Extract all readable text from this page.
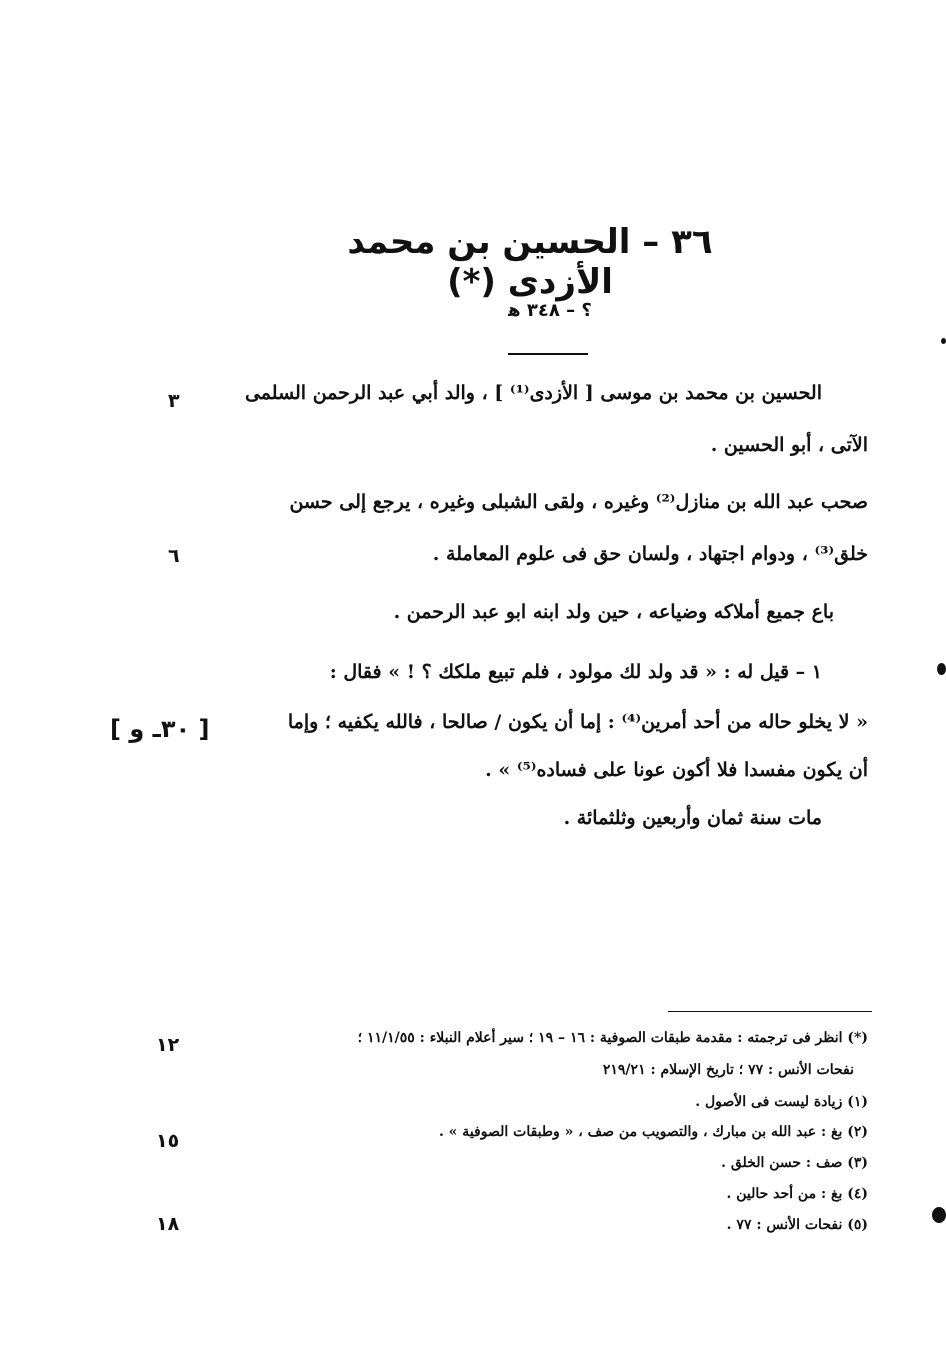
٣٦ – الحسين بن محمد الأزدى (*)
؟ – ٣٤٨ ﻫ
الحسين بن محمد بن موسى [ الأزدى⁽¹⁾ ] ، والد أبي عبد الرحمن السلمى
الآتى ، أبو الحسين .
صحب عبد الله بن منازل⁽²⁾ وغيره ، ولقى الشبلى وغيره ، يرجع إلى حسن
خلق⁽³⁾ ، ودوام اجتهاد ، ولسان حق فى علوم المعاملة .
باع جميع أملاكه وضياعه ، حين ولد ابنه ابو عبد الرحمن .
١ – قيل له : « قد ولد لك مولود ، فلم تبيع ملكك ؟ ! » فقال :
« لا يخلو حاله من أحد أمرين⁽⁴⁾ : إما أن يكون / صالحا ، فالله يكفيه ؛ وإما
أن يكون مفسدا فلا أكون عونا على فساده⁽⁵⁾ » .
مات سنة ثمان وأربعين وثلثمائة .
[ ٣٠ـ و ]
٣
٦
١٢
١٥
١٨
(*) انظر فى ترجمته : مقدمة طبقات الصوفية : ١٦ – ١٩ ؛ سير أعلام النبلاء : ١١/١/٥٥ ؛
نفحات الأنس : ٧٧ ؛ تاريخ الإسلام : ٢١٩/٢١
(١) زيادة ليست فى الأصول .
(٢) بغ : عبد الله بن مبارك ، والتصويب من صف ، « وطبقات الصوفية » .
(٣) صف : حسن الخلق .
(٤) بغ : من أحد حالين .
(٥) نفحات الأنس : ٧٧ .
